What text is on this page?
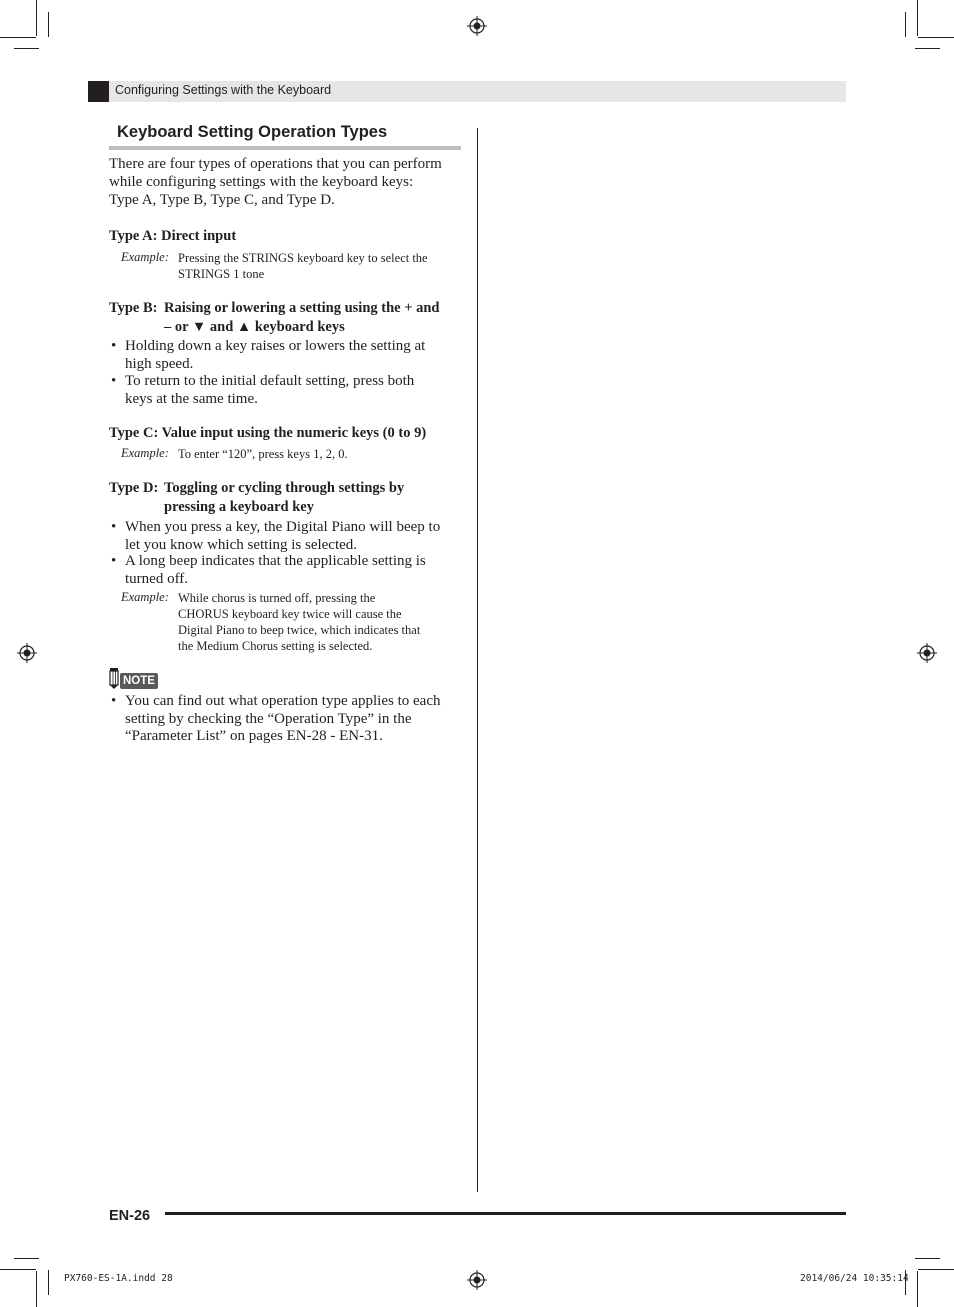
Configuring Settings with the Keyboard
Keyboard Setting Operation Types
There are four types of operations that you can perform
while configuring settings with the keyboard keys:
Type A, Type B, Type C, and Type D.
Type A: Direct input
Example: Pressing the STRINGS keyboard key to select the
STRINGS 1 tone
Type B: Raising or lowering a setting using the + and
– or ▼ and ▲ keyboard keys
• Holding down a key raises or lowers the setting at
high speed.
• To return to the initial default setting, press both
keys at the same time.
Type C: Value input using the numeric keys (0 to 9)
Example: To enter “120”, press keys 1, 2, 0.
Type D: Toggling or cycling through settings by
pressing a keyboard key
• When you press a key, the Digital Piano will beep to
let you know which setting is selected.
• A long beep indicates that the applicable setting is
turned off.
Example: While chorus is turned off, pressing the
CHORUS keyboard key twice will cause the
Digital Piano to beep twice, which indicates that
the Medium Chorus setting is selected.
NOTE
• You can find out what operation type applies to each
setting by checking the “Operation Type” in the
“Parameter List” on pages EN-28 - EN-31.
EN-26
PX760-ES-1A.indd 28	2014/06/24 10:35:14
